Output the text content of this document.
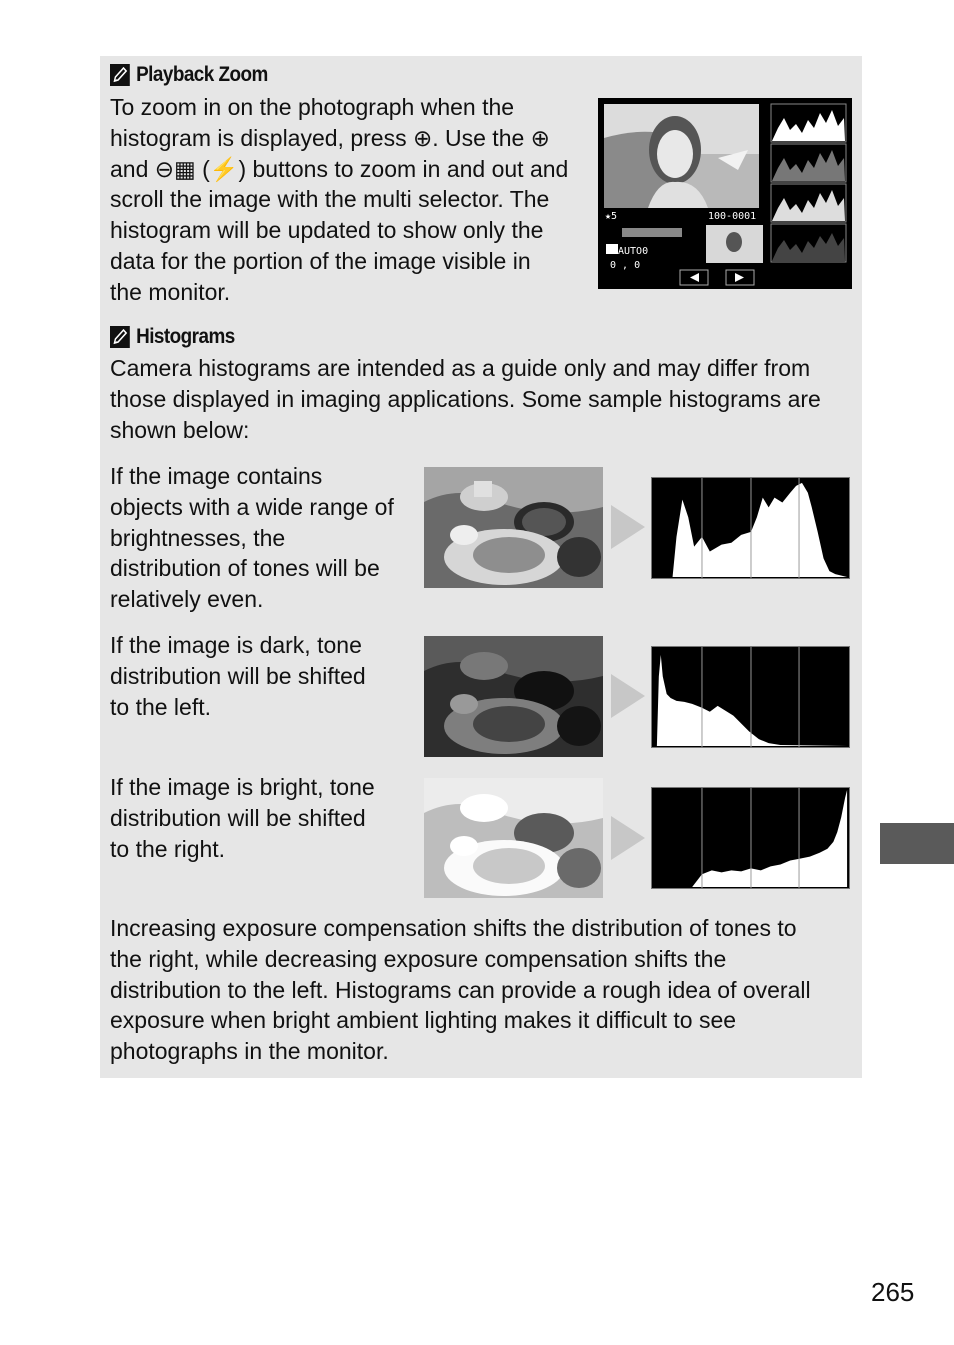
Playback Zoom
To zoom in on the photograph when the
histogram is displayed, press ⊕. Use the ⊕
and ⊖▦ (⚡) buttons to zoom in and out and
scroll the image with the multi selector. The
histogram will be updated to show only the
data for the portion of the image visible in
the monitor.
★5	100-0001
AUTO0
0 , 0
Histograms
Camera histograms are intended as a guide only and may differ from
those displayed in imaging applications. Some sample histograms are
shown below:
If the image contains
objects with a wide range of
brightnesses, the
distribution of tones will be
relatively even.
If the image is dark, tone
distribution will be shifted
to the left.
If the image is bright, tone
distribution will be shifted
to the right.
Increasing exposure compensation shifts the distribution of tones to
the right, while decreasing exposure compensation shifts the
distribution to the left. Histograms can provide a rough idea of overall
exposure when bright ambient lighting makes it difficult to see
photographs in the monitor.
265
